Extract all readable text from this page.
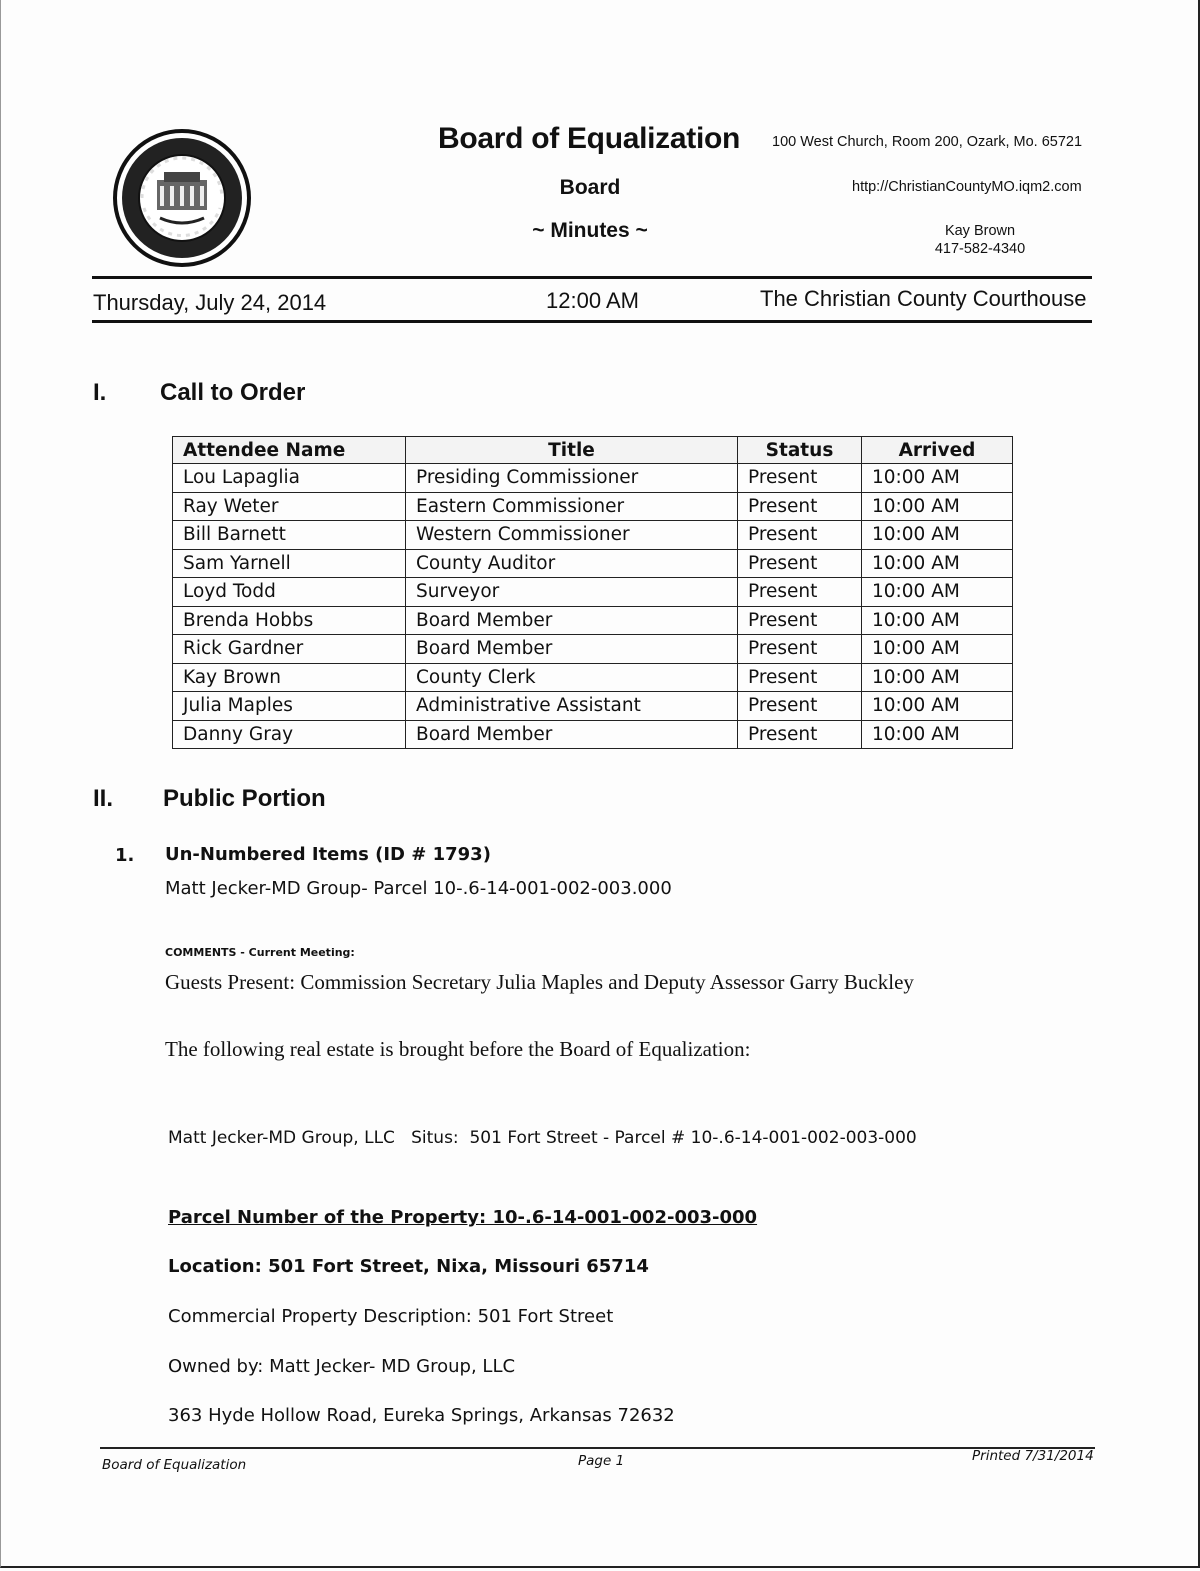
Board of Equalization
Board
~ Minutes ~
100 West Church, Room 200, Ozark, Mo. 65721
http://ChristianCountyMO.iqm2.com
Kay Brown
417-582-4340
Thursday, July 24, 2014	12:00 AM	The Christian County Courthouse
I. Call to Order
Attendee Name	Title	Status	Arrived
Lou Lapaglia	Presiding Commissioner	Present	10:00 AM
Ray Weter	Eastern Commissioner	Present	10:00 AM
Bill Barnett	Western Commissioner	Present	10:00 AM
Sam Yarnell	County Auditor	Present	10:00 AM
Loyd Todd	Surveyor	Present	10:00 AM
Brenda Hobbs	Board Member	Present	10:00 AM
Rick Gardner	Board Member	Present	10:00 AM
Kay Brown	County Clerk	Present	10:00 AM
Julia Maples	Administrative Assistant	Present	10:00 AM
Danny Gray	Board Member	Present	10:00 AM
II. Public Portion
1. Un-Numbered Items (ID # 1793)
Matt Jecker-MD Group- Parcel 10-.6-14-001-002-003.000
COMMENTS - Current Meeting:
Guests Present: Commission Secretary Julia Maples and Deputy Assessor Garry Buckley
The following real estate is brought before the Board of Equalization:
Matt Jecker-MD Group, LLC   Situs:  501 Fort Street - Parcel # 10-.6-14-001-002-003-000
Parcel Number of the Property: 10-.6-14-001-002-003-000
Location: 501 Fort Street, Nixa, Missouri 65714
Commercial Property Description: 501 Fort Street
Owned by: Matt Jecker- MD Group, LLC
363 Hyde Hollow Road, Eureka Springs, Arkansas 72632
Board of Equalization	Page 1	Printed 7/31/2014
